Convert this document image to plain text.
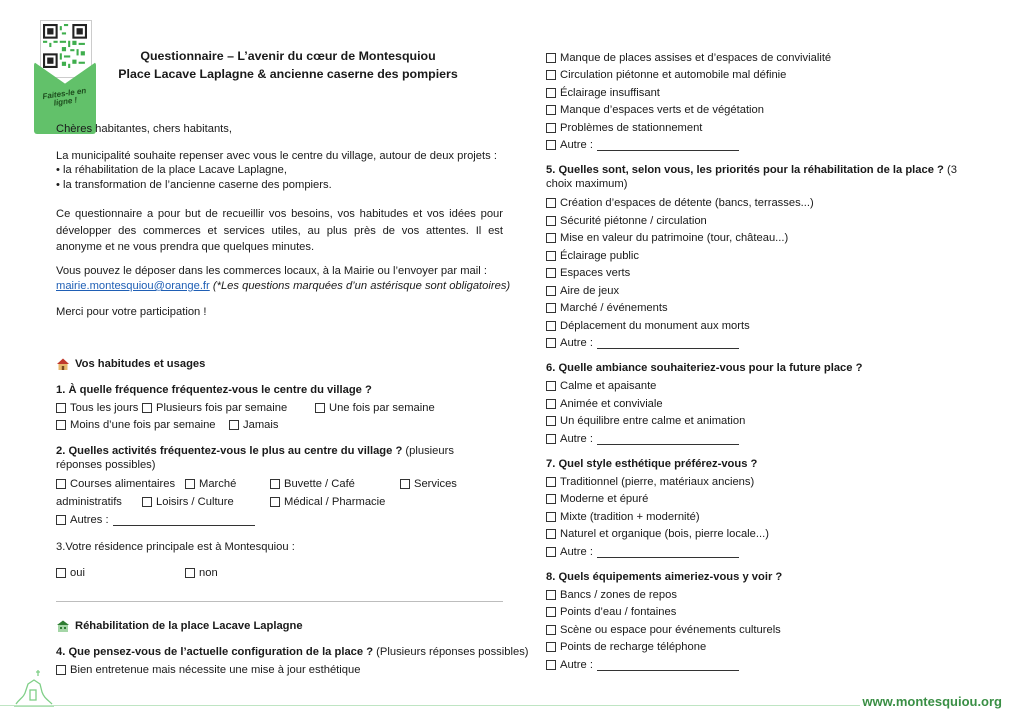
Faites-le en ligne !
Questionnaire – L’avenir du cœur de Montesquiou
Place Lacave Laplagne & ancienne caserne des pompiers
Chères habitantes, chers habitants,
La municipalité souhaite repenser avec vous le centre du village, autour de deux projets :
• la réhabilitation de la place Lacave Laplagne,
• la transformation de l’ancienne caserne des pompiers.
Ce questionnaire a pour but de recueillir vos besoins, vos habitudes et vos idées pour développer des commerces et services utiles, au plus près de vos attentes. Il est anonyme et ne vous prendra que quelques minutes.
Vous pouvez le déposer dans les commerces locaux, à la Mairie ou l’envoyer par mail :
mairie.montesquiou@orange.fr (*Les questions marquées d’un astérisque sont obligatoires)
Merci pour votre participation !
Vos habitudes et usages
1. À quelle fréquence fréquentez-vous le centre du village ?
Tous les jours Plusieurs fois par semaine	Une fois par semaine
Moins d’une fois par semaine Jamais
2. Quelles activités fréquentez-vous le plus au centre du village ? (plusieurs réponses possibles)
Courses alimentaires Marché	Buvette / Café	Services
administratifs	Loisirs / Culture	Médical / Pharmacie
Autres :
3.Votre résidence principale est à Montesquiou :
oui	non
Réhabilitation de la place Lacave Laplagne
4. Que pensez-vous de l’actuelle configuration de la place ? (Plusieurs réponses possibles)
Bien entretenue mais nécessite une mise à jour esthétique
Manque de places assises et d’espaces de convivialité
Circulation piétonne et automobile mal définie
Éclairage insuffisant
Manque d’espaces verts et de végétation
Problèmes de stationnement
Autre :
5. Quelles sont, selon vous, les priorités pour la réhabilitation de la place ? (3 choix maximum)
Création d’espaces de détente (bancs, terrasses...)
Sécurité piétonne / circulation
Mise en valeur du patrimoine (tour, château...)
Éclairage public
Espaces verts
Aire de jeux
Marché / événements
Déplacement du monument aux morts
Autre :
6. Quelle ambiance souhaiteriez-vous pour la future place ?
Calme et apaisante
Animée et conviviale
Un équilibre entre calme et animation
Autre :
7. Quel style esthétique préférez-vous ?
Traditionnel (pierre, matériaux anciens)
Moderne et épuré
Mixte (tradition + modernité)
Naturel et organique (bois, pierre locale...)
Autre :
8. Quels équipements aimeriez-vous y voir ?
Bancs / zones de repos
Points d’eau / fontaines
Scène ou espace pour événements culturels
Points de recharge téléphone
Autre :
www.montesquiou.org
